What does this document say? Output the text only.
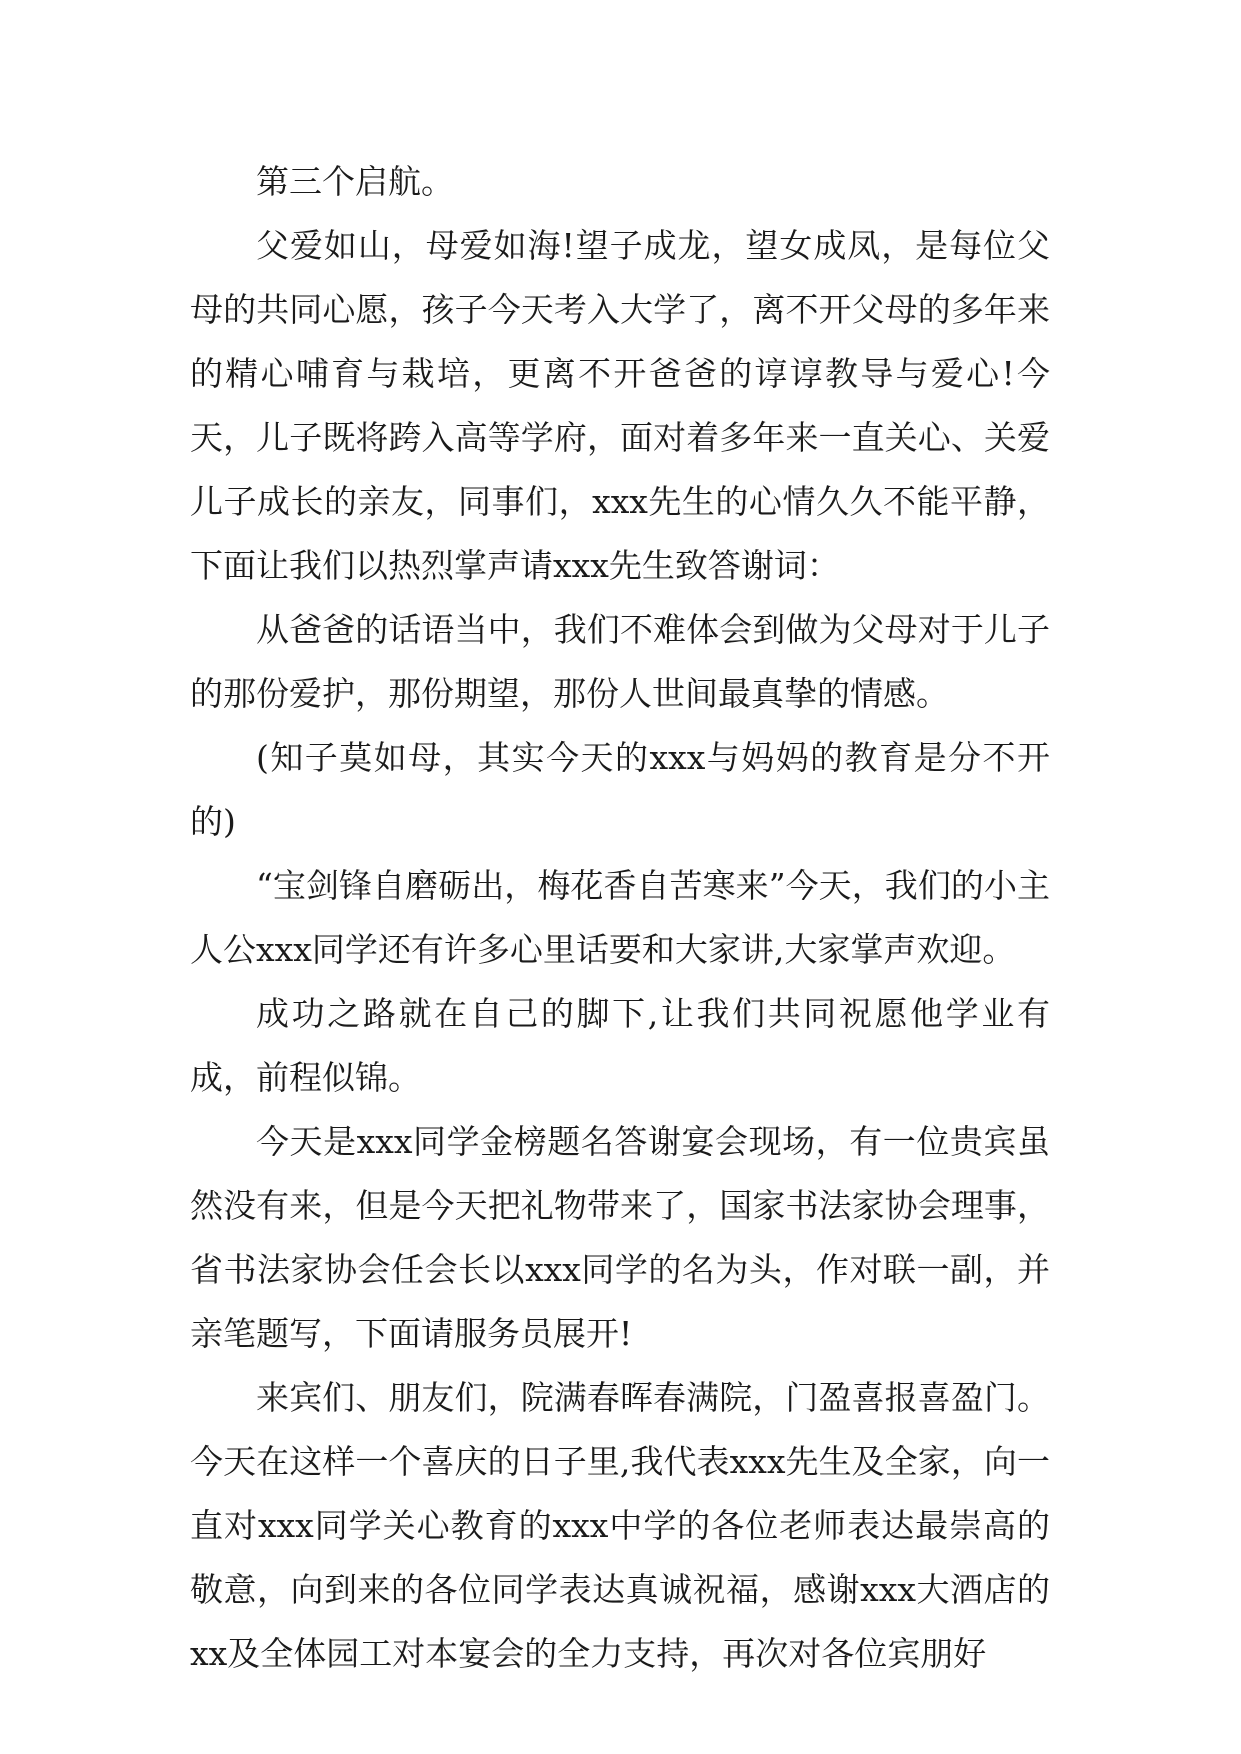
第三个启航。

父爱如山，母爱如海!望子成龙，望女成凤，是每位父母的共同心愿，孩子今天考入大学了，离不开父母的多年来的精心哺育与栽培，更离不开爸爸的谆谆教导与爱心!今天，儿子既将跨入高等学府，面对着多年来一直关心、关爱儿子成长的亲友，同事们，xxx先生的心情久久不能平静，下面让我们以热烈掌声请xxx先生致答谢词：

从爸爸的话语当中，我们不难体会到做为父母对于儿子的那份爱护，那份期望，那份人世间最真挚的情感。

(知子莫如母，其实今天的xxx与妈妈的教育是分不开的)

“宝剑锋自磨砺出，梅花香自苦寒来”今天，我们的小主人公xxx同学还有许多心里话要和大家讲,大家掌声欢迎。

成功之路就在自己的脚下,让我们共同祝愿他学业有成，前程似锦。

今天是xxx同学金榜题名答谢宴会现场，有一位贵宾虽然没有来，但是今天把礼物带来了，国家书法家协会理事，省书法家协会任会长以xxx同学的名为头，作对联一副，并亲笔题写，下面请服务员展开!

来宾们、朋友们，院满春晖春满院，门盈喜报喜盈门。今天在这样一个喜庆的日子里,我代表xxx先生及全家，向一直对xxx同学关心教育的xxx中学的各位老师表达最崇高的敬意，向到来的各位同学表达真诚祝福，感谢xxx大酒店的xx及全体园工对本宴会的全力支持，再次对各位宾朋好
